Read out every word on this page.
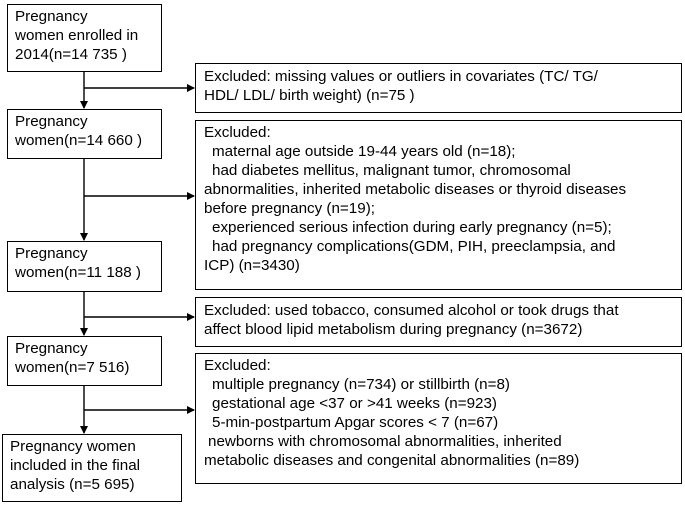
Pregnancy
women enrolled in
2014(n=14 735 )
Pregnancy
women(n=14 660 )
Pregnancy
women(n=11 188 )
Pregnancy
women(n=7 516)
Pregnancy women
included in the final
analysis (n=5 695)
Excluded: missing values or outliers in covariates (TC/ TG/
HDL/ LDL/ birth weight) (n=75 )
Excluded:
maternal age outside 19-44 years old (n=18);
had diabetes mellitus, malignant tumor, chromosomal
abnormalities, inherited metabolic diseases or thyroid diseases
before pregnancy (n=19);
experienced serious infection during early pregnancy (n=5);
had pregnancy complications(GDM, PIH, preeclampsia, and
ICP) (n=3430)
Excluded: used tobacco, consumed alcohol or took drugs that
affect blood lipid metabolism during pregnancy (n=3672)
Excluded:
multiple pregnancy (n=734) or stillbirth (n=8)
gestational age <37 or >41 weeks (n=923)
5-min-postpartum Apgar scores < 7 (n=67)
newborns with chromosomal abnormalities, inherited
metabolic diseases and congenital abnormalities (n=89)
